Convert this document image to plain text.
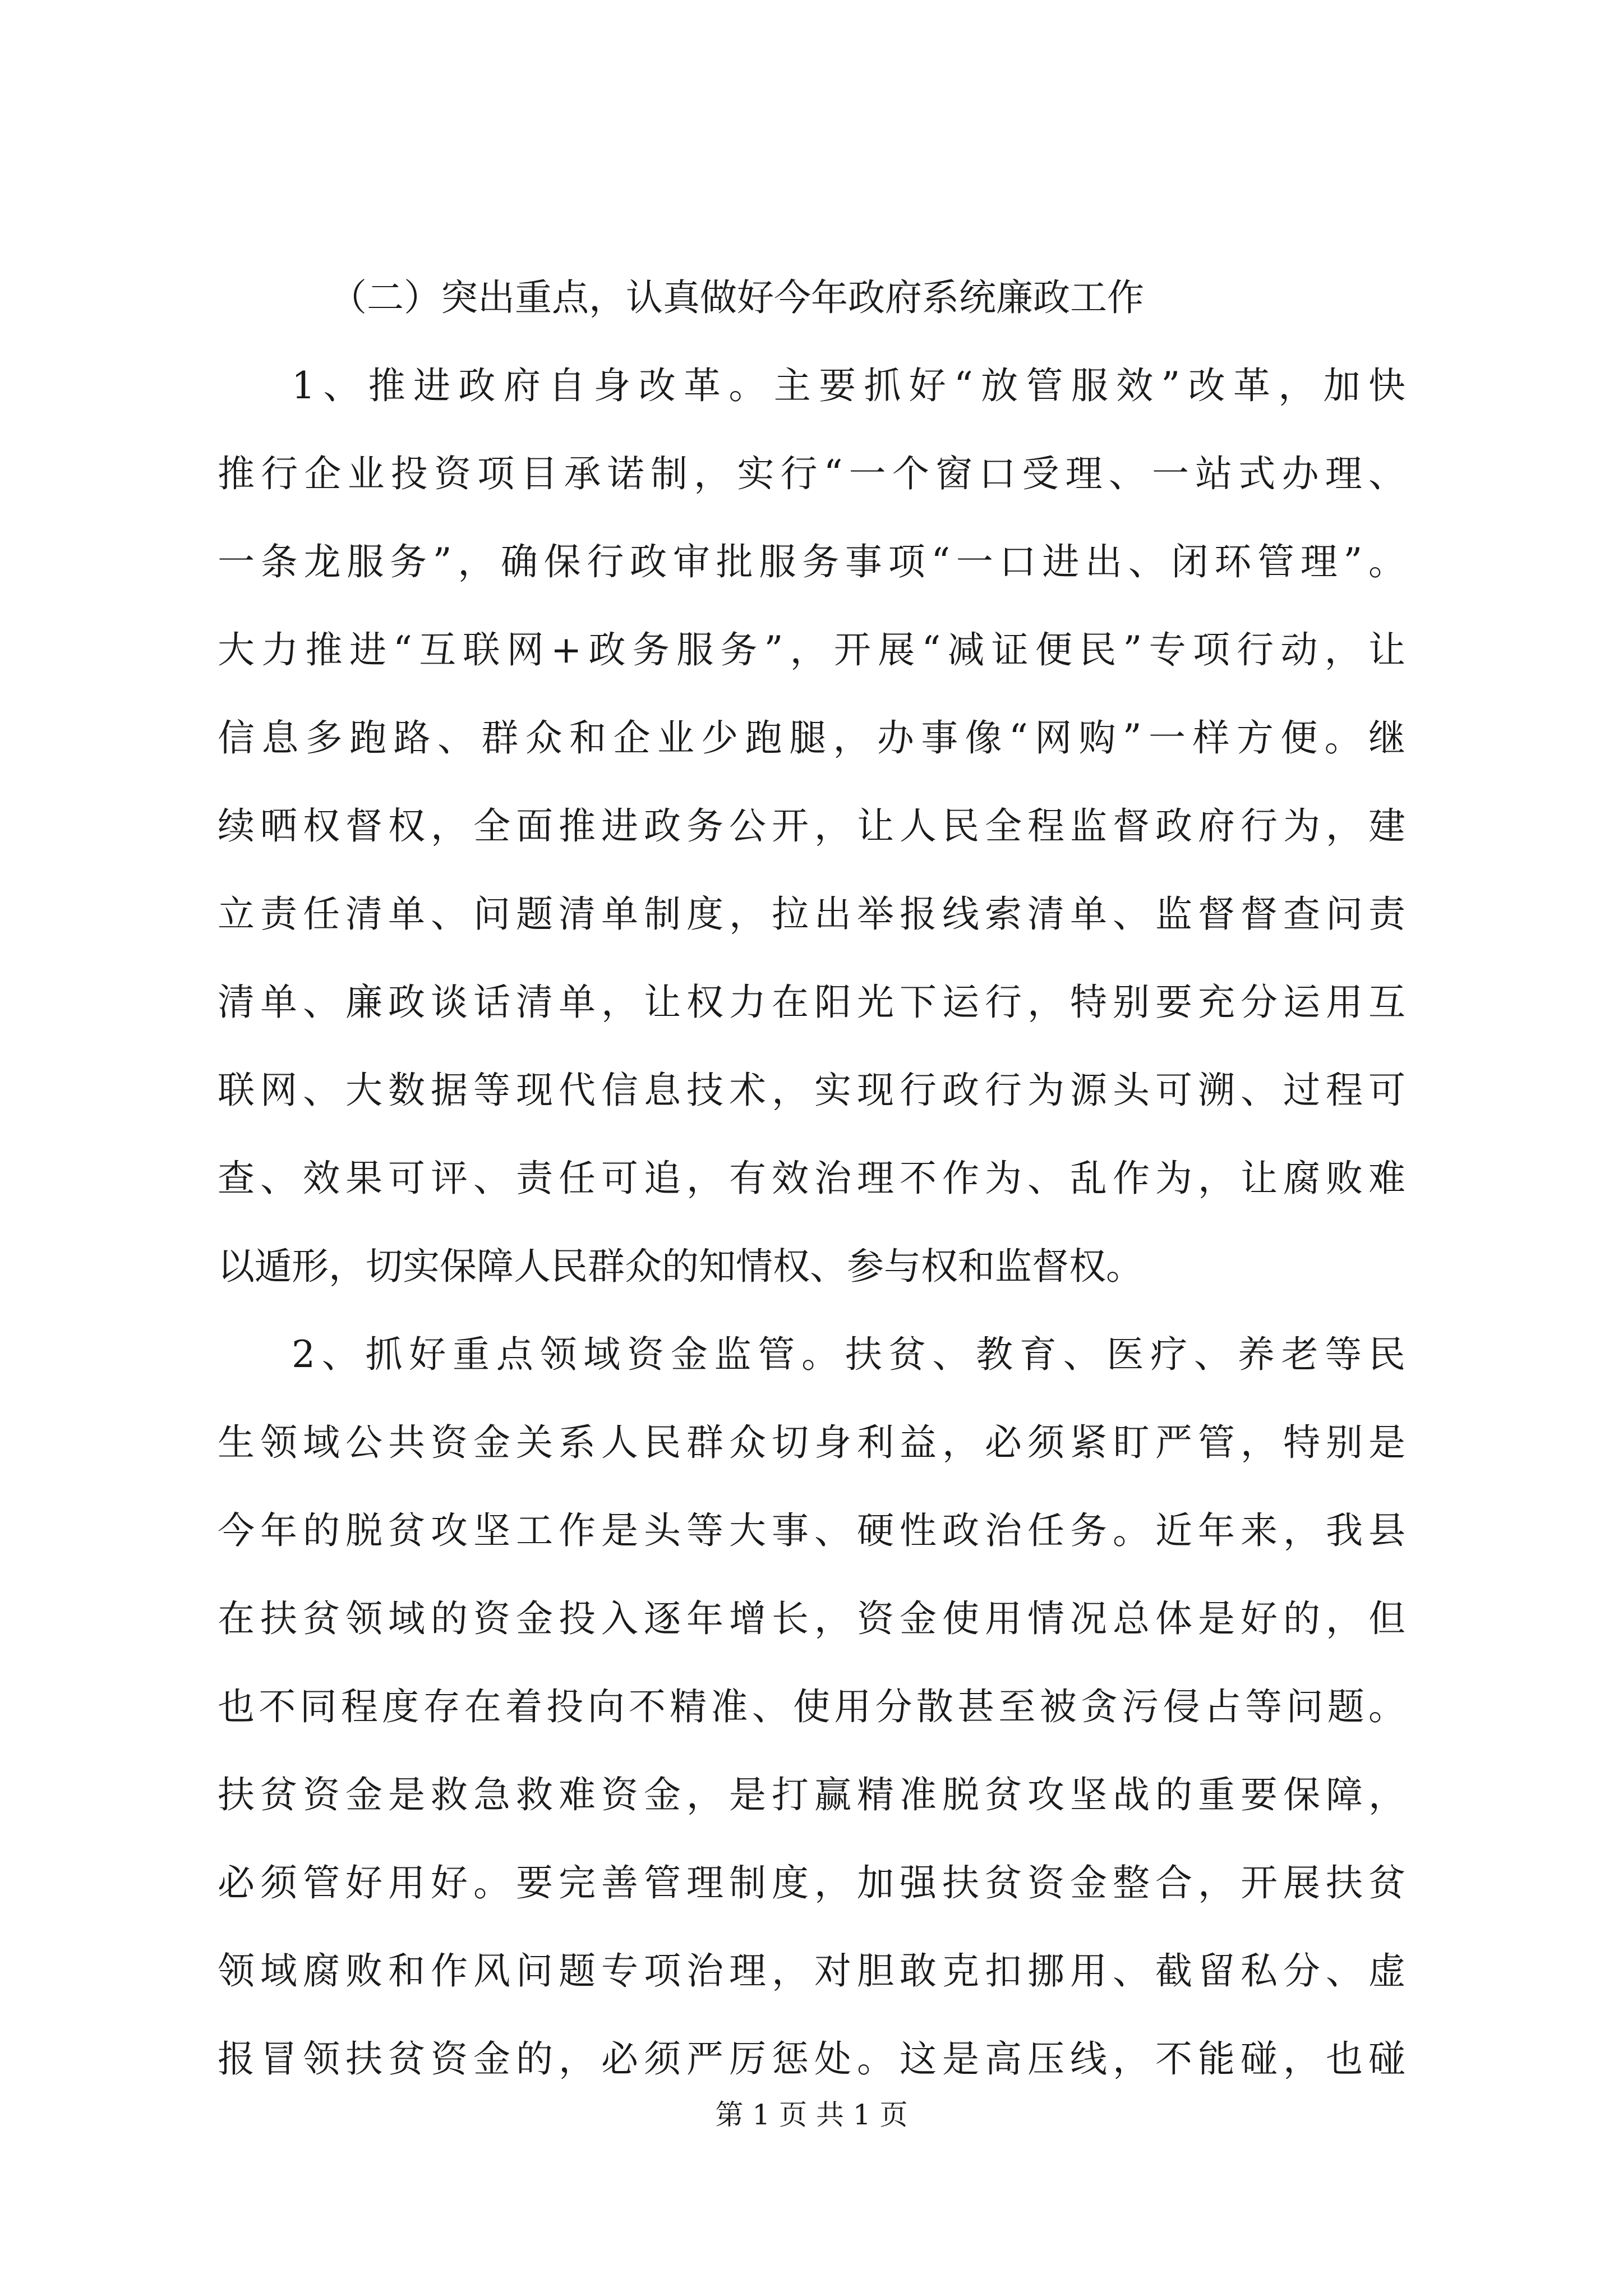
（二）突出重点，认真做好今年政府系统廉政工作
1、推进政府自身改革。主要抓好“放管服效”改革，加快
推行企业投资项目承诺制，实行“一个窗口受理、一站式办理、
一条龙服务”，确保行政审批服务事项“一口进出、闭环管理”。
大力推进“互联网+政务服务”，开展“减证便民”专项行动，让
信息多跑路、群众和企业少跑腿，办事像“网购”一样方便。继
续晒权督权，全面推进政务公开，让人民全程监督政府行为，建
立责任清单、问题清单制度，拉出举报线索清单、监督督查问责
清单、廉政谈话清单，让权力在阳光下运行，特别要充分运用互
联网、大数据等现代信息技术，实现行政行为源头可溯、过程可
查、效果可评、责任可追，有效治理不作为、乱作为，让腐败难
以遁形，切实保障人民群众的知情权、参与权和监督权。
2、抓好重点领域资金监管。扶贫、教育、医疗、养老等民
生领域公共资金关系人民群众切身利益，必须紧盯严管，特别是
今年的脱贫攻坚工作是头等大事、硬性政治任务。近年来，我县
在扶贫领域的资金投入逐年增长，资金使用情况总体是好的，但
也不同程度存在着投向不精准、使用分散甚至被贪污侵占等问题。
扶贫资金是救急救难资金，是打赢精准脱贫攻坚战的重要保障，
必须管好用好。要完善管理制度，加强扶贫资金整合，开展扶贫
领域腐败和作风问题专项治理，对胆敢克扣挪用、截留私分、虚
报冒领扶贫资金的，必须严厉惩处。这是高压线，不能碰，也碰
第 1 页 共 1 页
